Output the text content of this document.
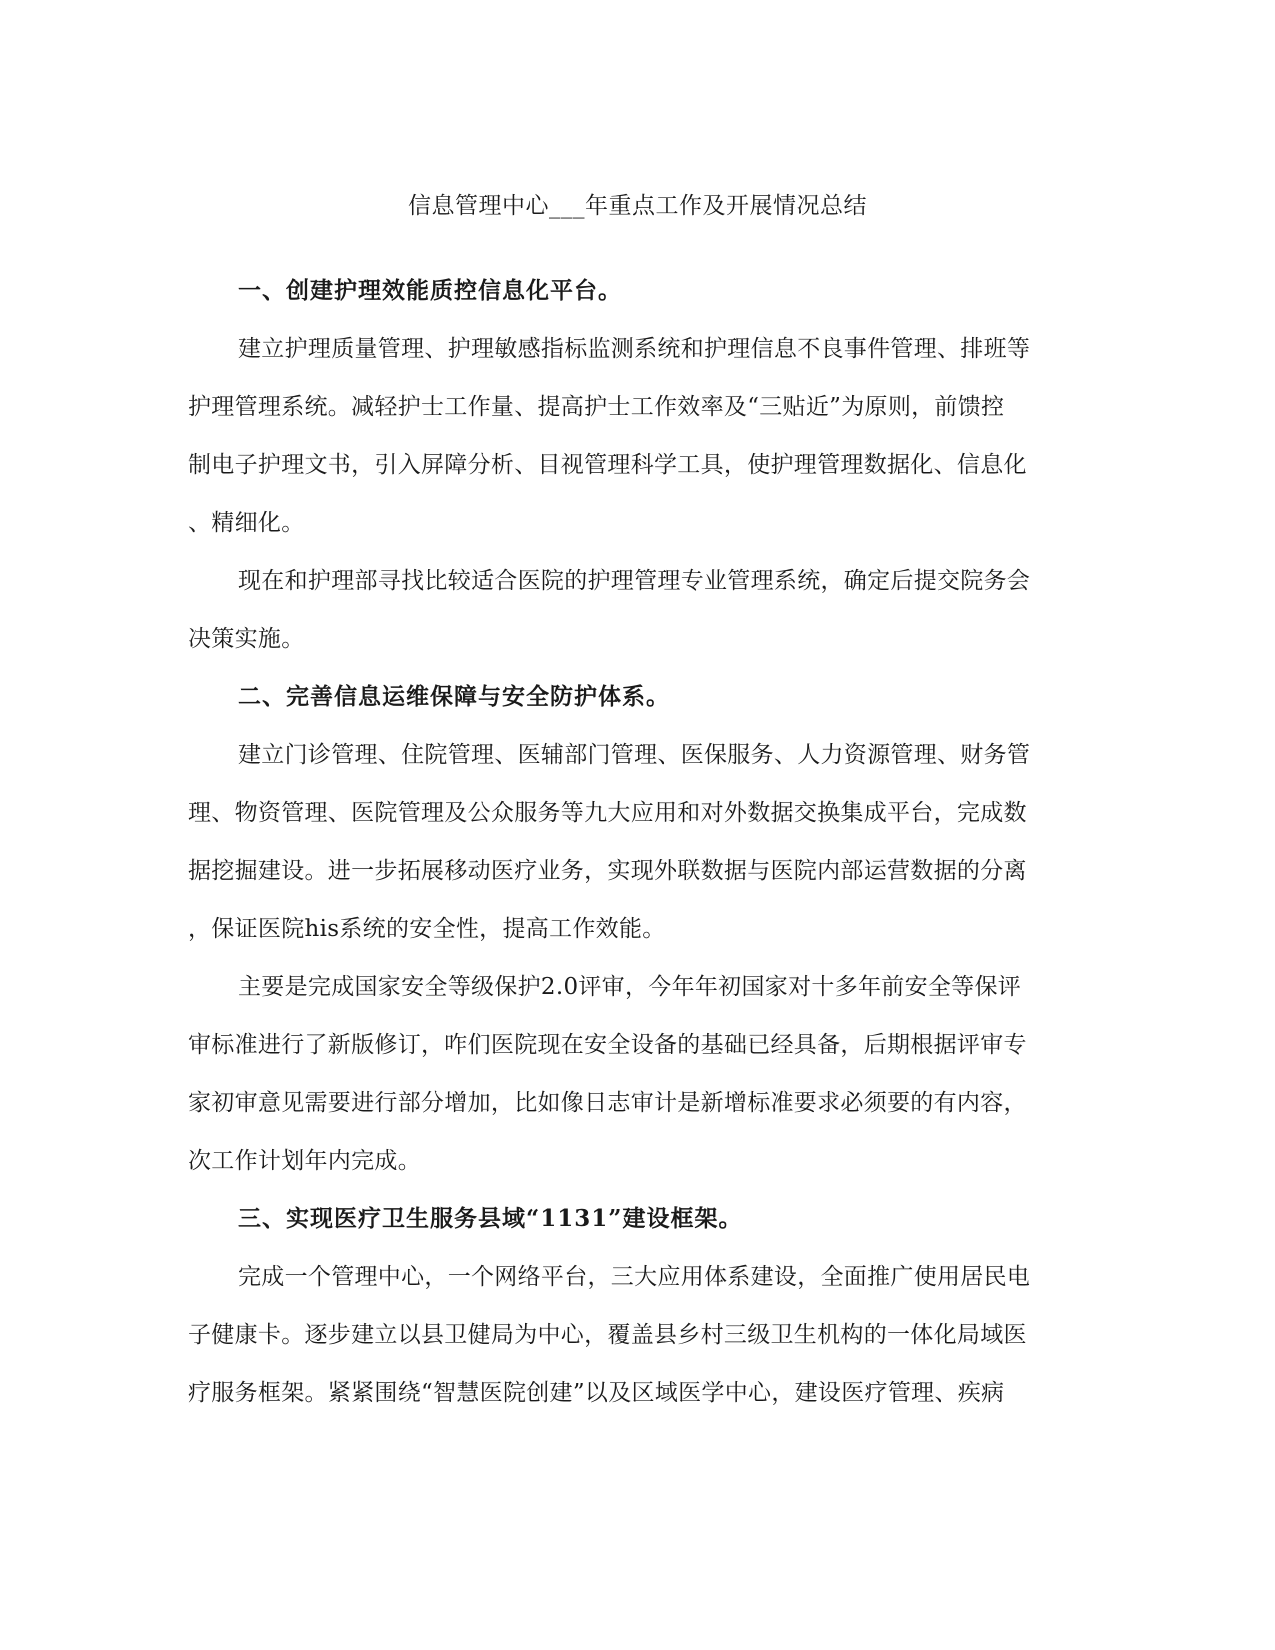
信息管理中心___年重点工作及开展情况总结

一、创建护理效能质控信息化平台。

建立护理质量管理、护理敏感指标监测系统和护理信息不良事件管理、排班等
护理管理系统。减轻护士工作量、提高护士工作效率及“三贴近”为原则，前馈控
制电子护理文书，引入屏障分析、目视管理科学工具，使护理管理数据化、信息化
、精细化。

现在和护理部寻找比较适合医院的护理管理专业管理系统，确定后提交院务会
决策实施。

二、完善信息运维保障与安全防护体系。

建立门诊管理、住院管理、医辅部门管理、医保服务、人力资源管理、财务管
理、物资管理、医院管理及公众服务等九大应用和对外数据交换集成平台，完成数
据挖掘建设。进一步拓展移动医疗业务，实现外联数据与医院内部运营数据的分离
，保证医院his系统的安全性，提高工作效能。

主要是完成国家安全等级保护2.0评审，今年年初国家对十多年前安全等保评
审标准进行了新版修订，咋们医院现在安全设备的基础已经具备，后期根据评审专
家初审意见需要进行部分增加，比如像日志审计是新增标准要求必须要的有内容，
次工作计划年内完成。

三、实现医疗卫生服务县域“1131”建设框架。

完成一个管理中心，一个网络平台，三大应用体系建设，全面推广使用居民电
子健康卡。逐步建立以县卫健局为中心，覆盖县乡村三级卫生机构的一体化局域医
疗服务框架。紧紧围绕“智慧医院创建”以及区域医学中心，建设医疗管理、疾病
